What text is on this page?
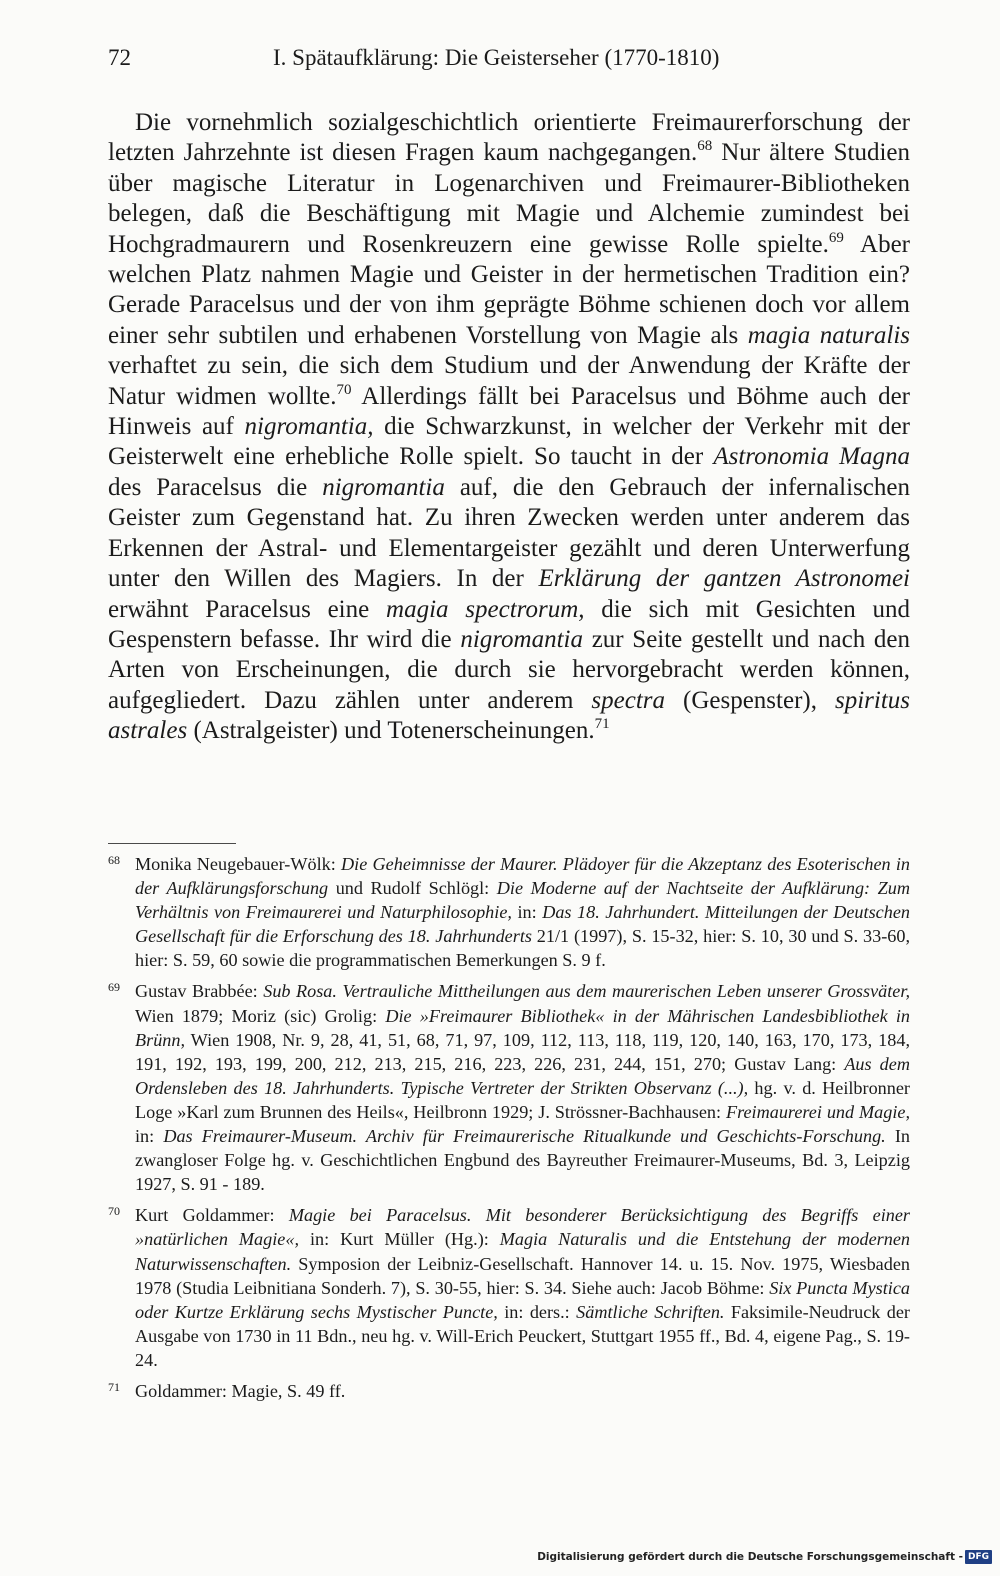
72	I. Spätaufklärung: Die Geisterseher (1770-1810)

Die vornehmlich sozialgeschichtlich orientierte Freimaurerforschung der letzten Jahrzehnte ist diesen Fragen kaum nachgegangen.$^{68}$ Nur ältere Studien über magische Literatur in Logenarchiven und Freimaurer-Bibliotheken belegen, daß die Beschäftigung mit Magie und Alchemie zumindest bei Hochgradmaurern und Rosenkreuzern eine gewisse Rolle spielte.$^{69}$ Aber welchen Platz nahmen Magie und Geister in der hermetischen Tradition ein? Gerade Paracelsus und der von ihm geprägte Böhme schienen doch vor allem einer sehr subtilen und erhabenen Vorstellung von Magie als magia naturalis verhaftet zu sein, die sich dem Studium und der Anwendung der Kräfte der Natur widmen wollte.$^{70}$ Allerdings fällt bei Paracelsus und Böhme auch der Hinweis auf nigromantia, die Schwarzkunst, in welcher der Verkehr mit der Geisterwelt eine erhebliche Rolle spielt. So taucht in der Astronomia Magna des Paracelsus die nigromantia auf, die den Gebrauch der infernalischen Geister zum Gegenstand hat. Zu ihren Zwecken werden unter anderem das Erkennen der Astral- und Elementargeister gezählt und deren Unterwerfung unter den Willen des Magiers. In der Erklärung der gantzen Astronomei erwähnt Paracelsus eine magia spectrorum, die sich mit Gesichten und Gespenstern befasse. Ihr wird die nigromantia zur Seite gestellt und nach den Arten von Erscheinungen, die durch sie hervorgebracht werden können, aufgegliedert. Dazu zählen unter anderem spectra (Gespenster), spiritus astrales (Astralgeister) und Totenerscheinungen.$^{71}$

68 Monika Neugebauer-Wölk: Die Geheimnisse der Maurer. Plädoyer für die Akzeptanz des Esoterischen in der Aufklärungsforschung und Rudolf Schlögl: Die Moderne auf der Nachtseite der Aufklärung: Zum Verhältnis von Freimaurerei und Naturphilosophie, in: Das 18. Jahrhundert. Mitteilungen der Deutschen Gesellschaft für die Erforschung des 18. Jahrhunderts 21/1 (1997), S. 15-32, hier: S. 10, 30 und S. 33-60, hier: S. 59, 60 sowie die programmatischen Bemerkungen S. 9 f.

69 Gustav Brabbée: Sub Rosa. Vertrauliche Mittheilungen aus dem maurerischen Leben unserer Grossväter, Wien 1879; Moriz (sic) Grolig: Die »Freimaurer Bibliothek« in der Mährischen Landesbibliothek in Brünn, Wien 1908, Nr. 9, 28, 41, 51, 68, 71, 97, 109, 112, 113, 118, 119, 120, 140, 163, 170, 173, 184, 191, 192, 193, 199, 200, 212, 213, 215, 216, 223, 226, 231, 244, 151, 270; Gustav Lang: Aus dem Ordensleben des 18. Jahrhunderts. Typische Vertreter der Strikten Observanz (...), hg. v. d. Heilbronner Loge »Karl zum Brunnen des Heils«, Heilbronn 1929; J. Strössner-Bachhausen: Freimaurerei und Magie, in: Das Freimaurer-Museum. Archiv für Freimaurerische Ritualkunde und Geschichts-Forschung. In zwangloser Folge hg. v. Geschichtlichen Engbund des Bayreuther Freimaurer-Museums, Bd. 3, Leipzig 1927, S. 91 - 189.

70 Kurt Goldammer: Magie bei Paracelsus. Mit besonderer Berücksichtigung des Begriffs einer »natürlichen Magie«, in: Kurt Müller (Hg.): Magia Naturalis und die Entstehung der modernen Naturwissenschaften. Symposion der Leibniz-Gesellschaft. Hannover 14. u. 15. Nov. 1975, Wiesbaden 1978 (Studia Leibnitiana Sonderh. 7), S. 30-55, hier: S. 34. Siehe auch: Jacob Böhme: Six Puncta Mystica oder Kurtze Erklärung sechs Mystischer Puncte, in: ders.: Sämtliche Schriften. Faksimile-Neudruck der Ausgabe von 1730 in 11 Bdn., neu hg. v. Will-Erich Peuckert, Stuttgart 1955 ff., Bd. 4, eigene Pag., S. 19-24.

71 Goldammer: Magie, S. 49 ff.

Digitalisierung gefördert durch die Deutsche Forschungsgemeinschaft - DFG
